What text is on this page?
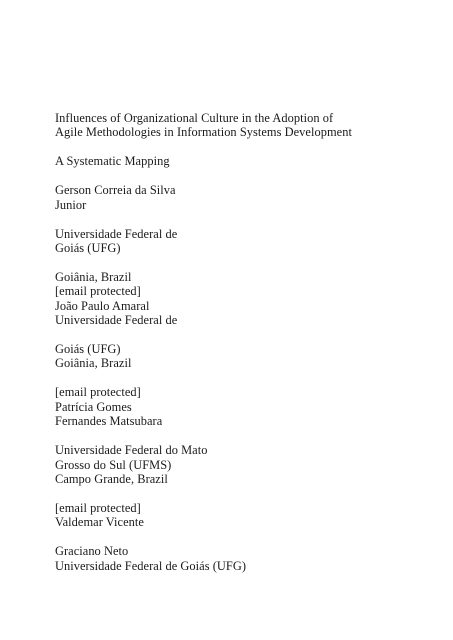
Influences of Organizational Culture in the Adoption of
Agile Methodologies in Information Systems Development
A Systematic Mapping
Gerson Correia da Silva
Junior
Universidade Federal de
Goiás (UFG)
Goiânia, Brazil
[email protected]
João Paulo Amaral
Universidade Federal de
Goiás (UFG)
Goiânia, Brazil
[email protected]
Patrícia Gomes
Fernandes Matsubara
Universidade Federal do Mato
Grosso do Sul (UFMS)
Campo Grande, Brazil
[email protected]
Valdemar Vicente
Graciano Neto
Universidade Federal de Goiás (UFG)
